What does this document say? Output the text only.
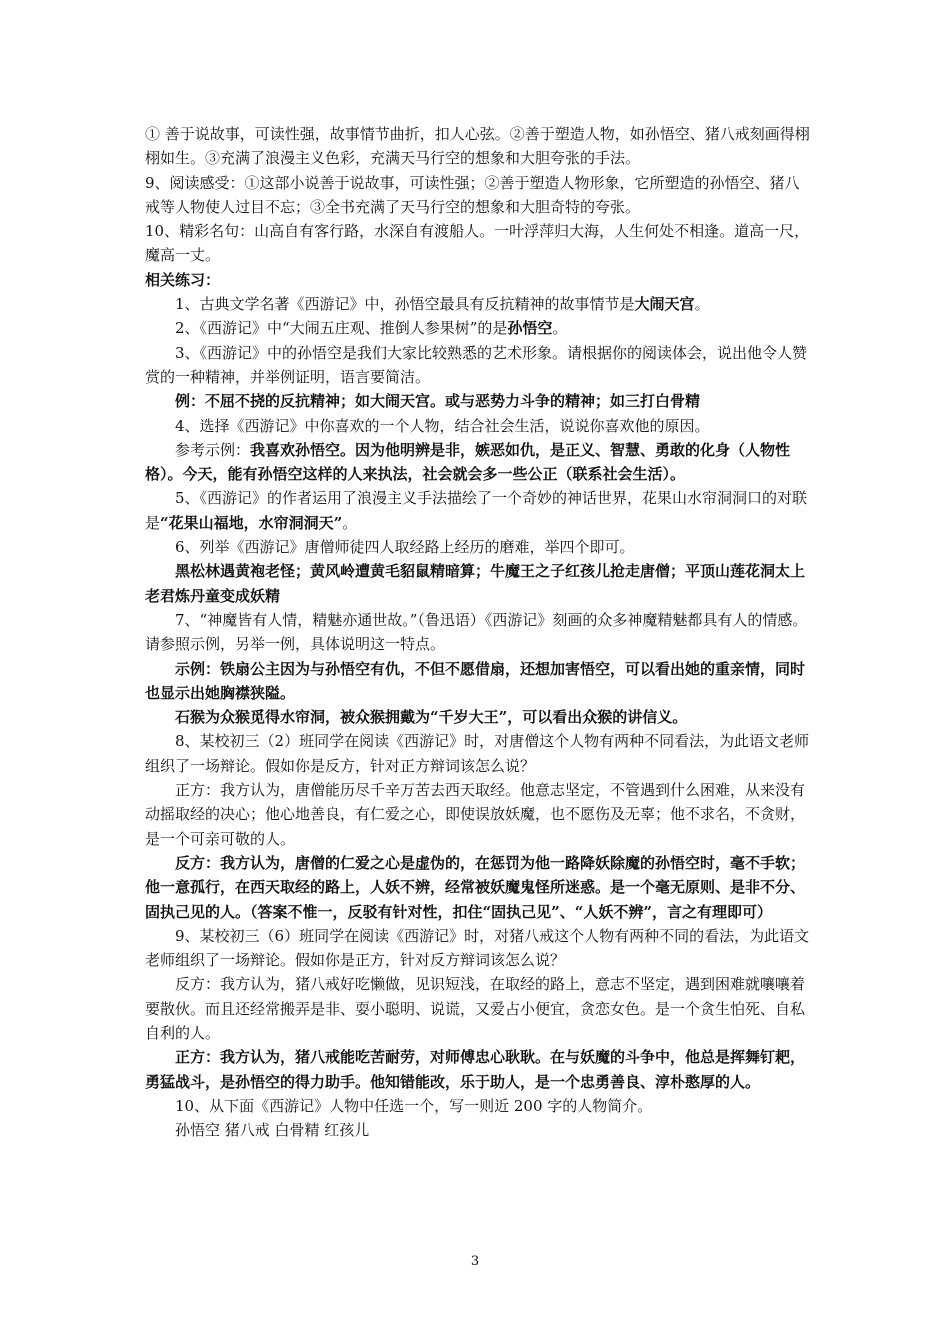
① 善于说故事，可读性强，故事情节曲折，扣人心弦。②善于塑造人物，如孙悟空、猪八戒刻画得栩栩如生。③充满了浪漫主义色彩，充满天马行空的想象和大胆夸张的手法。

9、阅读感受：①这部小说善于说故事，可读性强；②善于塑造人物形象，它所塑造的孙悟空、猪八戒等人物使人过目不忘；③全书充满了天马行空的想象和大胆奇特的夸张。

10、精彩名句：山高自有客行路，水深自有渡船人。一叶浮萍归大海，人生何处不相逢。道高一尺，魔高一丈。

相关练习：

1、古典文学名著《西游记》中，孙悟空最具有反抗精神的故事情节是大闹天宫。

2、《西游记》中“大闹五庄观、推倒人参果树”的是孙悟空。

3、《西游记》中的孙悟空是我们大家比较熟悉的艺术形象。请根据你的阅读体会，说出他令人赞赏的一种精神，并举例证明，语言要简洁。

例：不屈不挠的反抗精神；如大闹天宫。或与恶势力斗争的精神；如三打白骨精

4、选择《西游记》中你喜欢的一个人物，结合社会生活，说说你喜欢他的原因。

参考示例：我喜欢孙悟空。因为他明辨是非，嫉恶如仇，是正义、智慧、勇敢的化身（人物性格）。今天，能有孙悟空这样的人来执法，社会就会多一些公正（联系社会生活）。

5、《西游记》的作者运用了浪漫主义手法描绘了一个奇妙的神话世界，花果山水帘洞洞口的对联是“花果山福地，水帘洞洞天”。

6、列举《西游记》唐僧师徒四人取经路上经历的磨难，举四个即可。

黑松林遇黄袍老怪；黄风岭遭黄毛貂鼠精暗算；牛魔王之子红孩儿抢走唐僧；平顶山莲花洞太上老君炼丹童变成妖精

7、“神魔皆有人情，精魅亦通世故。”（鲁迅语）《西游记》刻画的众多神魔精魅都具有人的情感。请参照示例，另举一例，具体说明这一特点。

示例：铁扇公主因为与孙悟空有仇，不但不愿借扇，还想加害悟空，可以看出她的重亲情，同时也显示出她胸襟狭隘。

石猴为众猴觅得水帘洞，被众猴拥戴为“千岁大王”，可以看出众猴的讲信义。

8、某校初三（2）班同学在阅读《西游记》时，对唐僧这个人物有两种不同看法，为此语文老师组织了一场辩论。假如你是反方，针对正方辩词该怎么说？

正方：我方认为，唐僧能历尽千辛万苦去西天取经。他意志坚定，不管遇到什么困难，从来没有动摇取经的决心；他心地善良，有仁爱之心，即使误放妖魔，也不愿伤及无辜；他不求名，不贪财，是一个可亲可敬的人。

反方：我方认为，唐僧的仁爱之心是虚伪的，在惩罚为他一路降妖除魔的孙悟空时，毫不手软；他一意孤行，在西天取经的路上，人妖不辨，经常被妖魔鬼怪所迷惑。是一个毫无原则、是非不分、固执己见的人。（答案不惟一，反驳有针对性，扣住“固执己见”、“人妖不辨”，言之有理即可）

9、某校初三（6）班同学在阅读《西游记》时，对猪八戒这个人物有两种不同的看法，为此语文老师组织了一场辩论。假如你是正方，针对反方辩词该怎么说？

反方：我方认为，猪八戒好吃懒做，见识短浅，在取经的路上，意志不坚定，遇到困难就嚷嚷着要散伙。而且还经常搬弄是非、耍小聪明、说谎，又爱占小便宜，贪恋女色。是一个贪生怕死、自私自利的人。

正方：我方认为，猪八戒能吃苦耐劳，对师傅忠心耿耿。在与妖魔的斗争中，他总是挥舞钉耙，勇猛战斗，是孙悟空的得力助手。他知错能改，乐于助人，是一个忠勇善良、淳朴憨厚的人。

10、从下面《西游记》人物中任选一个，写一则近 200 字的人物简介。

孙悟空 猪八戒 白骨精 红孩儿

3
